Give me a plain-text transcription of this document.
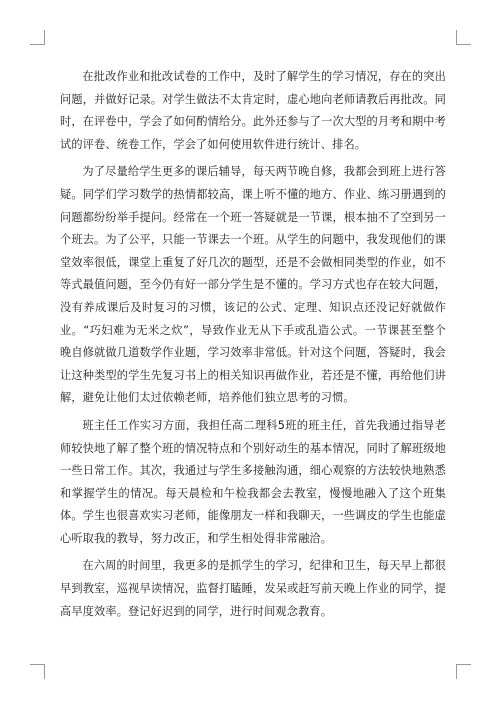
在批改作业和批改试卷的工作中，及时了解学生的学习情况，存在的突出问题，并做好记录。对学生做法不太肯定时，虚心地向老师请教后再批改。同时，在评卷中，学会了如何酌情给分。此外还参与了一次大型的月考和期中考试的评卷、统卷工作，学会了如何使用软件进行统计、排名。

为了尽量给学生更多的课后辅导，每天两节晚自修，我都会到班上进行答疑。同学们学习数学的热情都较高，课上听不懂的地方、作业、练习册遇到的问题都纷纷举手提问。经常在一个班一答疑就是一节课，根本抽不了空到另一个班去。为了公平，只能一节课去一个班。从学生的问题中，我发现他们的课堂效率很低，课堂上重复了好几次的题型，还是不会做相同类型的作业，如不等式最值问题，至今仍有好一部分学生是不懂的。学习方式也存在较大问题，没有养成课后及时复习的习惯，该记的公式、定理、知识点还没记好就做作业。“巧妇难为无米之炊”，导致作业无从下手或乱造公式。一节课甚至整个晚自修就做几道数学作业题，学习效率非常低。针对这个问题，答疑时，我会让这种类型的学生先复习书上的相关知识再做作业，若还是不懂，再给他们讲解，避免让他们太过依赖老师，培养他们独立思考的习惯。

班主任工作实习方面，我担任高二理科5班的班主任，首先我通过指导老师较快地了解了整个班的情况特点和个别好动生的基本情况，同时了解班级地一些日常工作。其次，我通过与学生多接触沟通，细心观察的方法较快地熟悉和掌握学生的情况。每天晨检和午检我都会去教室，慢慢地融入了这个班集体。学生也很喜欢实习老师，能像朋友一样和我聊天，一些调皮的学生也能虚心听取我的教导，努力改正，和学生相处得非常融洽。

在六周的时间里，我更多的是抓学生的学习，纪律和卫生，每天早上都很早到教室，巡视早读情况，监督打瞌睡，发呆或赶写前天晚上作业的同学，提高早度效率。登记好迟到的同学，进行时间观念教育。
